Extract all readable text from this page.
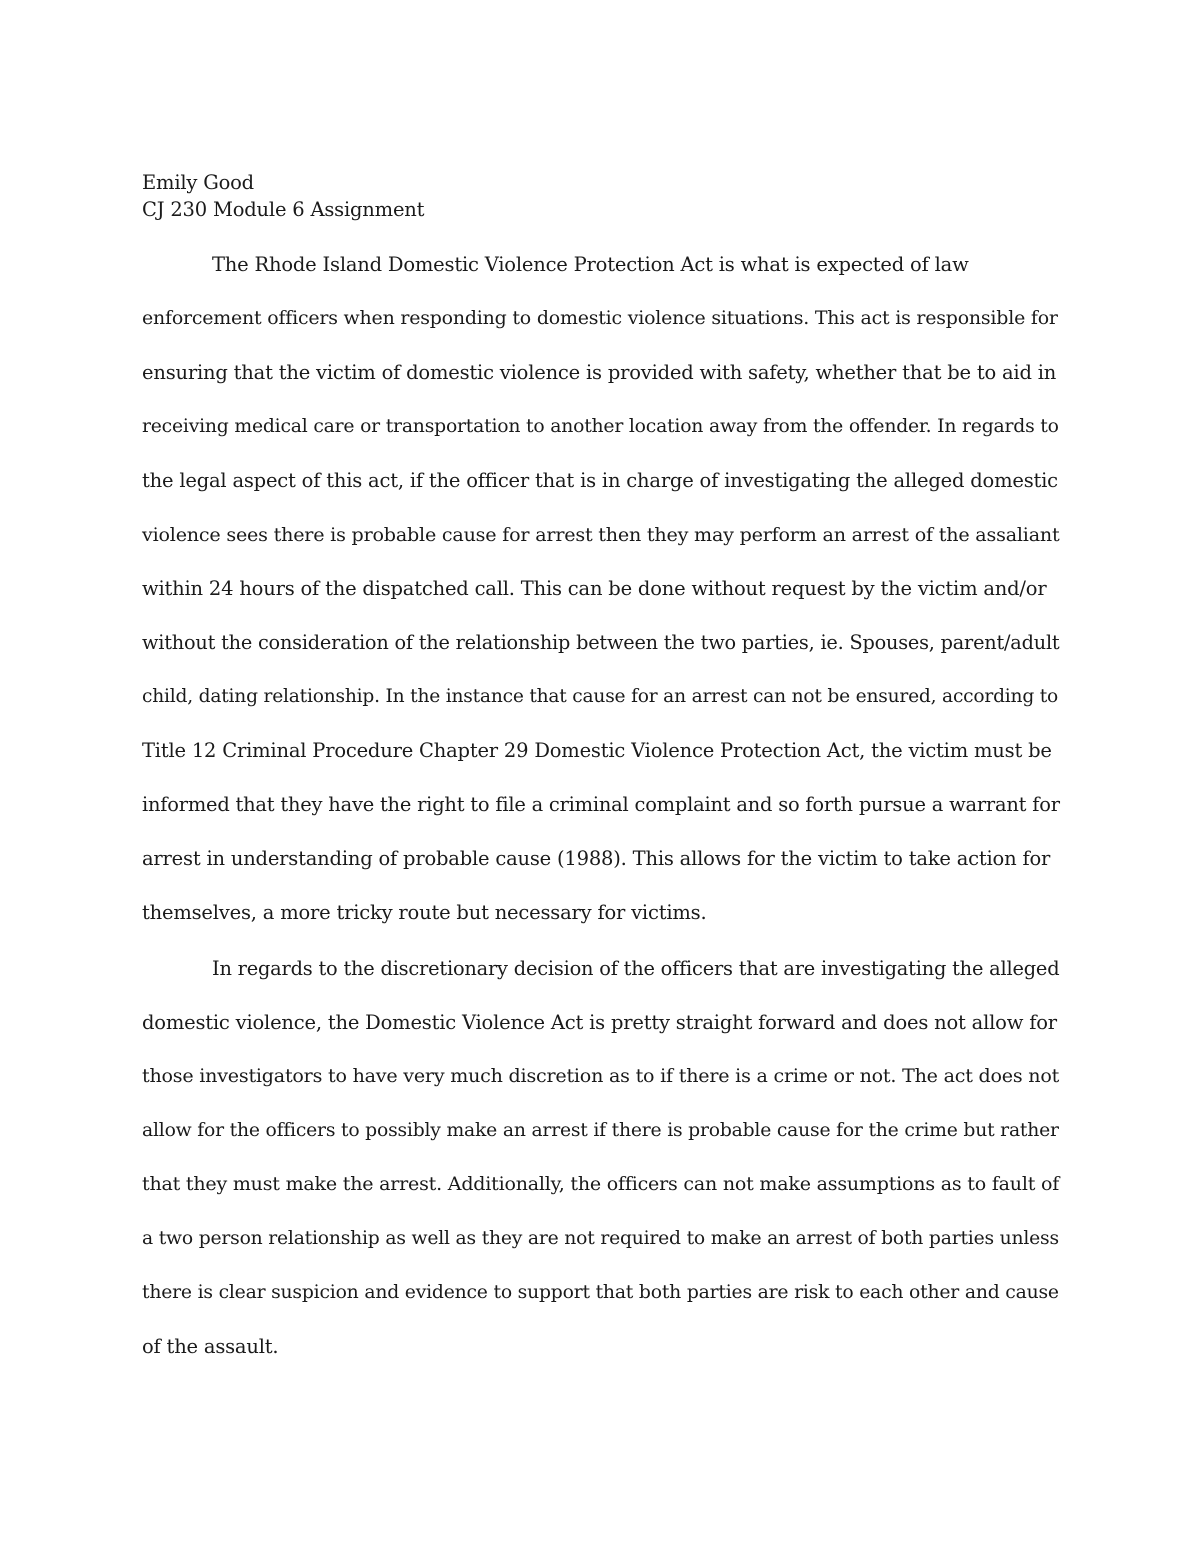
Emily Good
CJ 230 Module 6 Assignment
The Rhode Island Domestic Violence Protection Act is what is expected of law
enforcement officers when responding to domestic violence situations. This act is responsible for
ensuring that the victim of domestic violence is provided with safety, whether that be to aid in
receiving medical care or transportation to another location away from the offender. In regards to
the legal aspect of this act, if the officer that is in charge of investigating the alleged domestic
violence sees there is probable cause for arrest then they may perform an arrest of the assaliant
within 24 hours of the dispatched call. This can be done without request by the victim and/or
without the consideration of the relationship between the two parties, ie. Spouses, parent/adult
child, dating relationship. In the instance that cause for an arrest can not be ensured, according to
Title 12 Criminal Procedure Chapter 29 Domestic Violence Protection Act, the victim must be
informed that they have the right to file a criminal complaint and so forth pursue a warrant for
arrest in understanding of probable cause (1988). This allows for the victim to take action for
themselves, a more tricky route but necessary for victims.
In regards to the discretionary decision of the officers that are investigating the alleged
domestic violence, the Domestic Violence Act is pretty straight forward and does not allow for
those investigators to have very much discretion as to if there is a crime or not. The act does not
allow for the officers to possibly make an arrest if there is probable cause for the crime but rather
that they must make the arrest. Additionally, the officers can not make assumptions as to fault of
a two person relationship as well as they are not required to make an arrest of both parties unless
there is clear suspicion and evidence to support that both parties are risk to each other and cause
of the assault.
